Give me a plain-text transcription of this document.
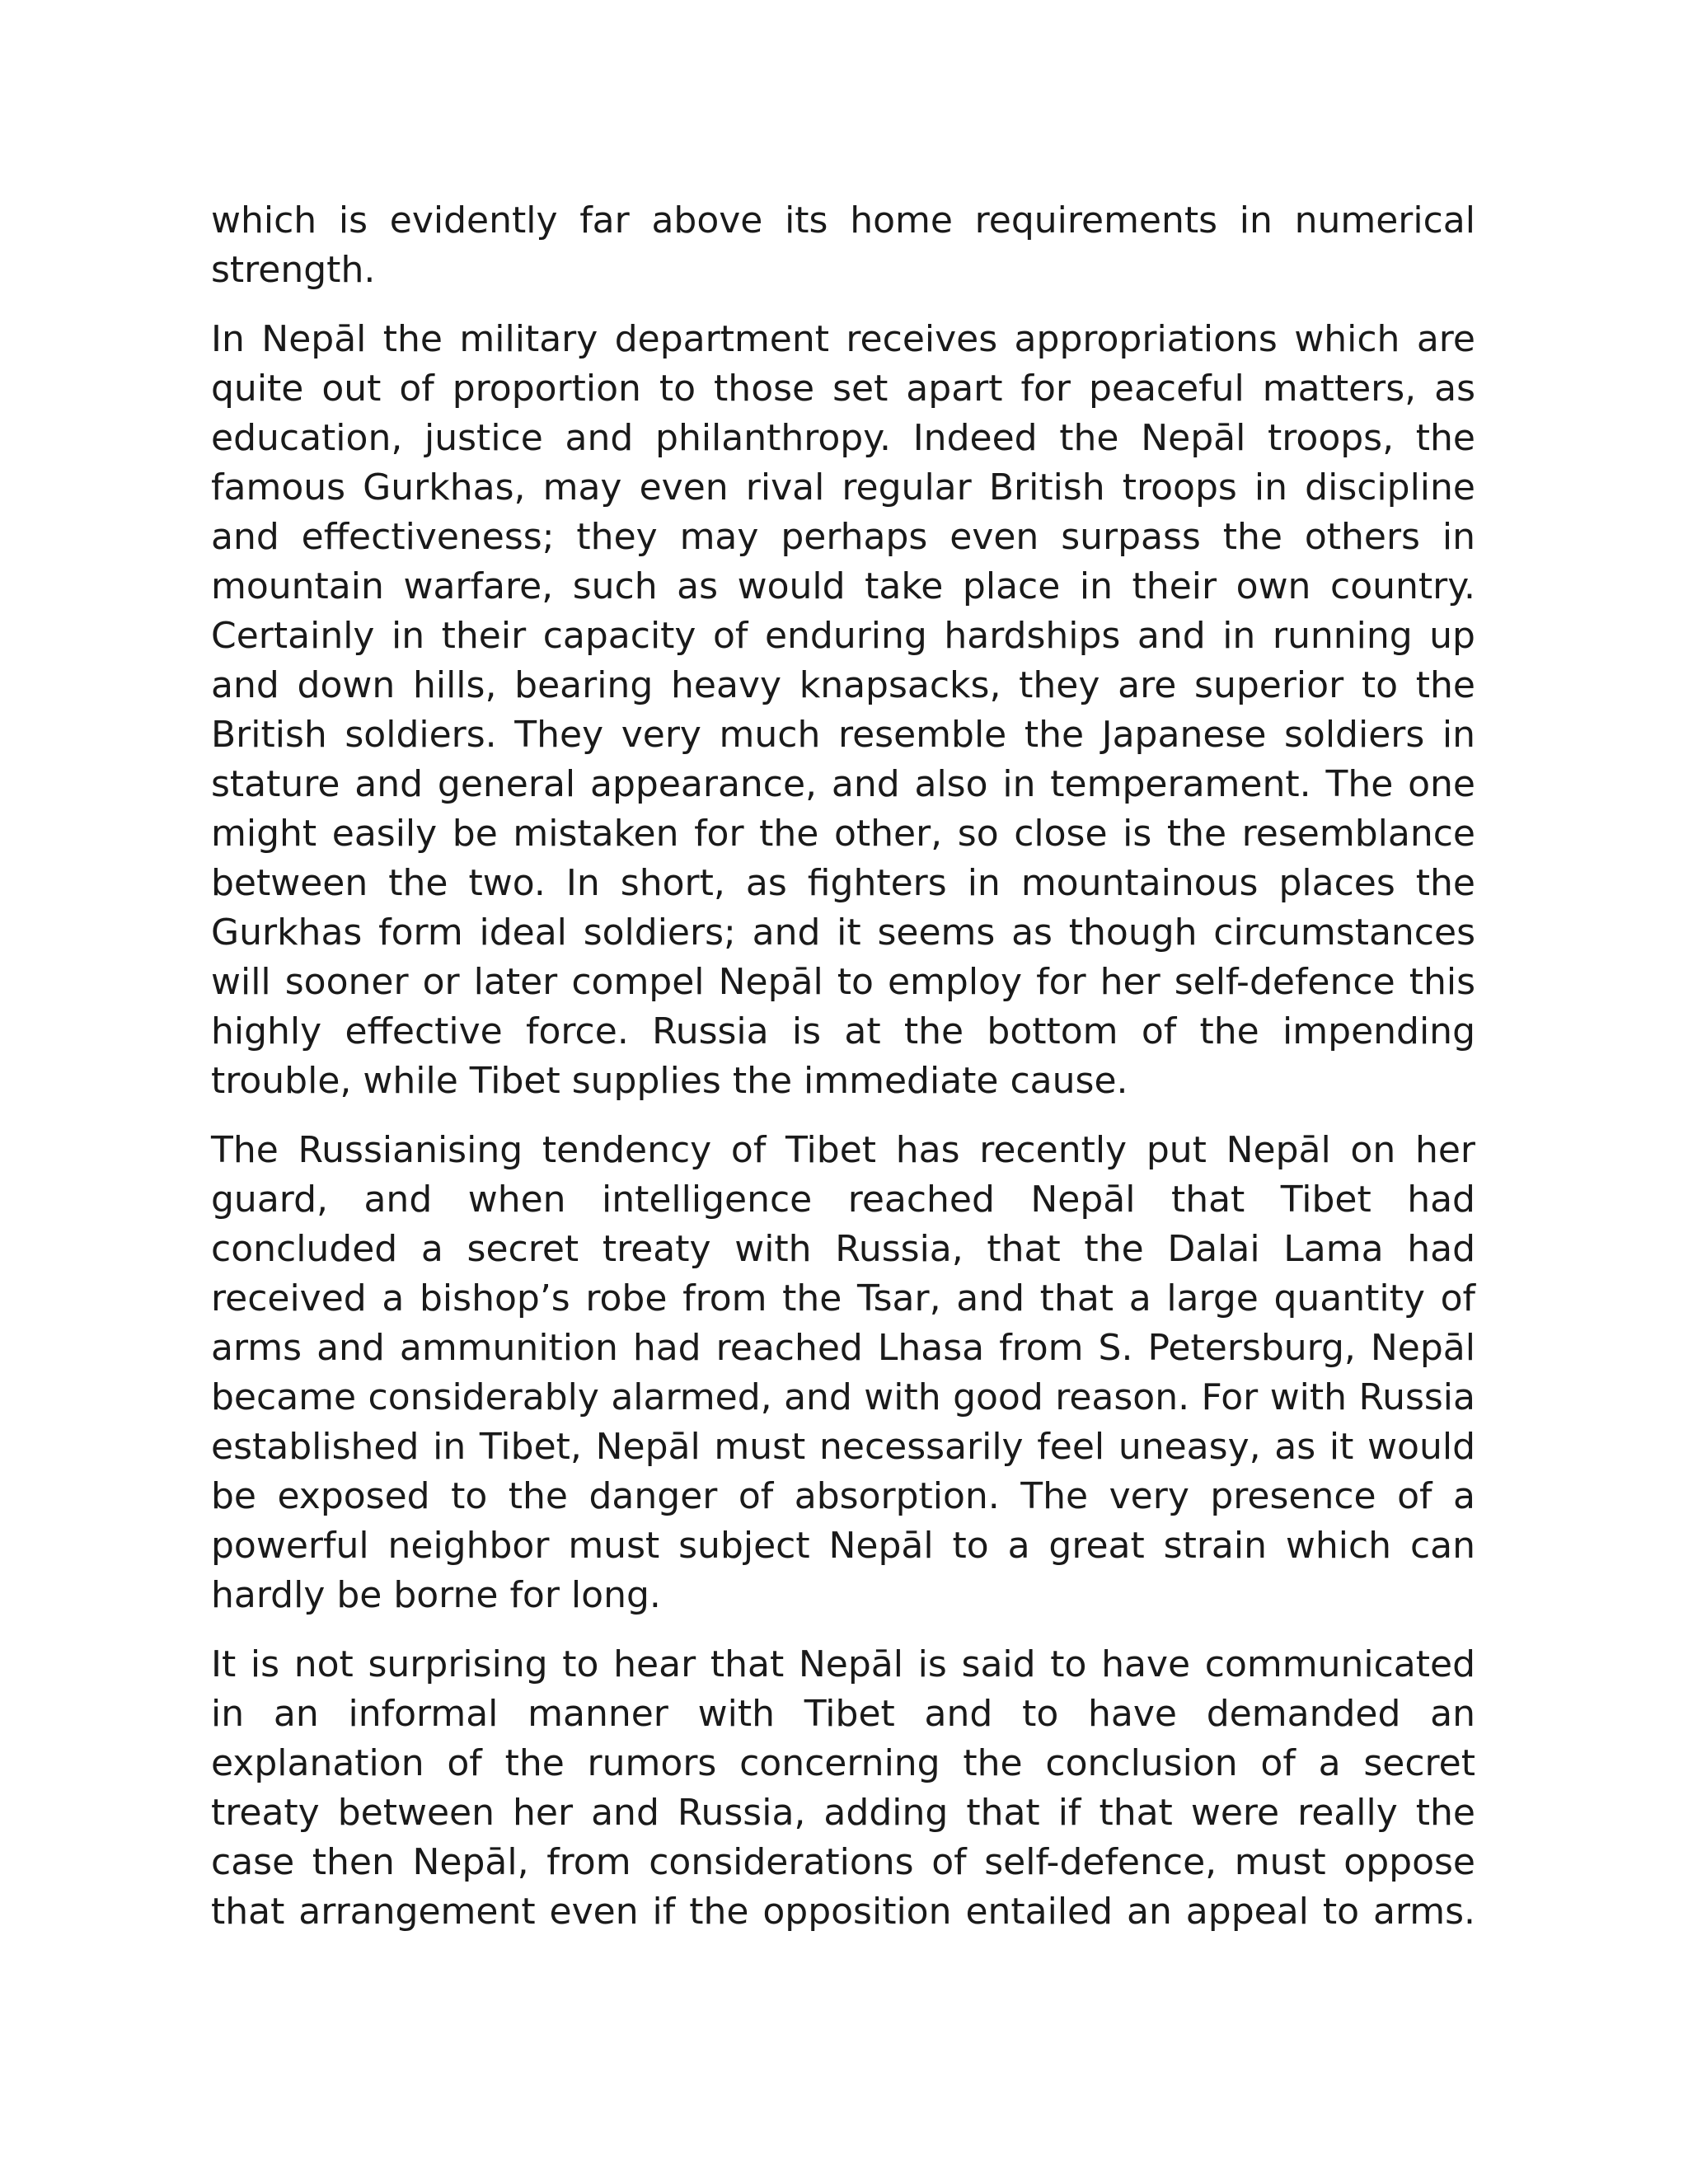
which is evidently far above its home requirements in numerical strength.

In Nepāl the military department receives appropriations which are quite out of proportion to those set apart for peaceful matters, as education, justice and philanthropy. Indeed the Nepāl troops, the famous Gurkhas, may even rival regular British troops in discipline and effectiveness; they may perhaps even surpass the others in mountain warfare, such as would take place in their own country. Certainly in their capacity of enduring hardships and in running up and down hills, bearing heavy knapsacks, they are superior to the British soldiers. They very much resemble the Japanese soldiers in stature and general appearance, and also in temperament. The one might easily be mistaken for the other, so close is the resemblance between the two. In short, as fighters in mountainous places the Gurkhas form ideal soldiers; and it seems as though circumstances will sooner or later compel Nepāl to employ for her self-defence this highly effective force. Russia is at the bottom of the impending trouble, while Tibet supplies the immediate cause.

The Russianising tendency of Tibet has recently put Nepāl on her guard, and when intelligence reached Nepāl that Tibet had concluded a secret treaty with Russia, that the Dalai Lama had received a bishop’s robe from the Tsar, and that a large quantity of arms and ammunition had reached Lhasa from S. Petersburg, Nepāl became considerably alarmed, and with good reason. For with Russia established in Tibet, Nepāl must necessarily feel uneasy, as it would be exposed to the danger of absorption. The very presence of a powerful neighbor must subject Nepāl to a great strain which can hardly be borne for long.

It is not surprising to hear that Nepāl is said to have communicated in an informal manner with Tibet and to have demanded an explanation of the rumors concerning the conclusion of a secret treaty between her and Russia, adding that if that were really the case then Nepāl, from considerations of self-defence, must oppose that arrangement even if the opposition entailed an appeal to arms.
